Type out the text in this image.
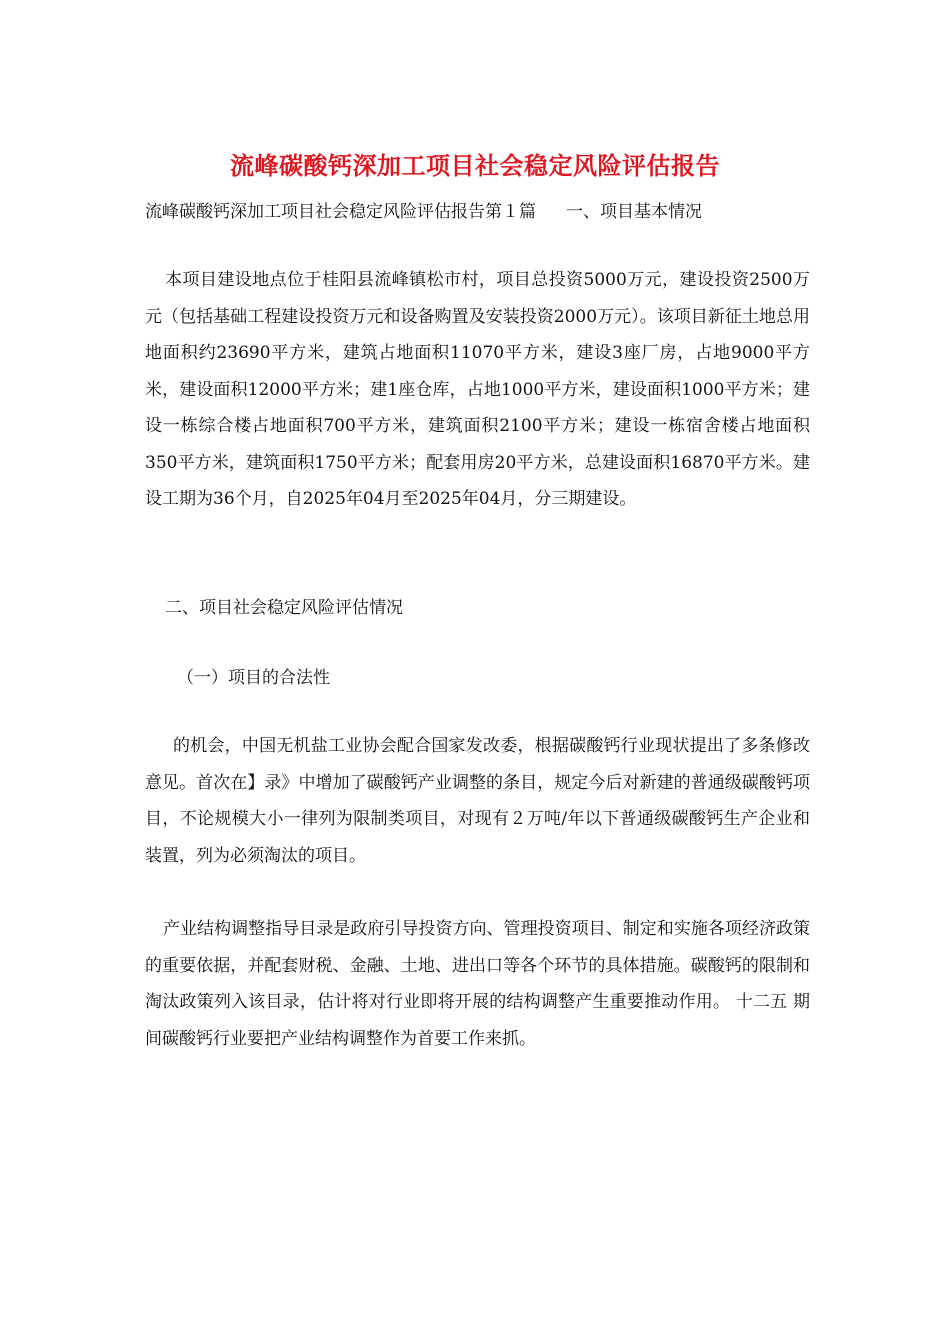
流峰碳酸钙深加工项目社会稳定风险评估报告
流峰碳酸钙深加工项目社会稳定风险评估报告第１篇 一、项目基本情况

本项目建设地点位于桂阳县流峰镇松市村，项目总投资5000万元，建设投资2500万元（包括基础工程建设投资万元和设备购置及安装投资2000万元）。该项目新征土地总用地面积约23690平方米，建筑占地面积11070平方米，建设3座厂房，占地9000平方米，建设面积12000平方米；建1座仓库，占地1000平方米，建设面积1000平方米；建设一栋综合楼占地面积700平方米，建筑面积2100平方米；建设一栋宿舍楼占地面积350平方米，建筑面积1750平方米；配套用房20平方米，总建设面积16870平方米。建设工期为36个月，自2025年04月至2025年04月，分三期建设。

二、项目社会稳定风险评估情况
（一）项目的合法性

的机会，中国无机盐工业协会配合国家发改委，根据碳酸钙行业现状提出了多条修改意见。首次在】录》中增加了碳酸钙产业调整的条目，规定今后对新建的普通级碳酸钙项目，不论规模大小一律列为限制类项目，对现有２万吨/年以下普通级碳酸钙生产企业和装置，列为必须淘汰的项目。

产业结构调整指导目录是政府引导投资方向、管理投资项目、制定和实施各项经济政策的重要依据，并配套财税、金融、土地、进出口等各个环节的具体措施。碳酸钙的限制和淘汰政策列入该目录，估计将对行业即将开展的结构调整产生重要推动作用。 十二五 期间碳酸钙行业要把产业结构调整作为首要工作来抓。
